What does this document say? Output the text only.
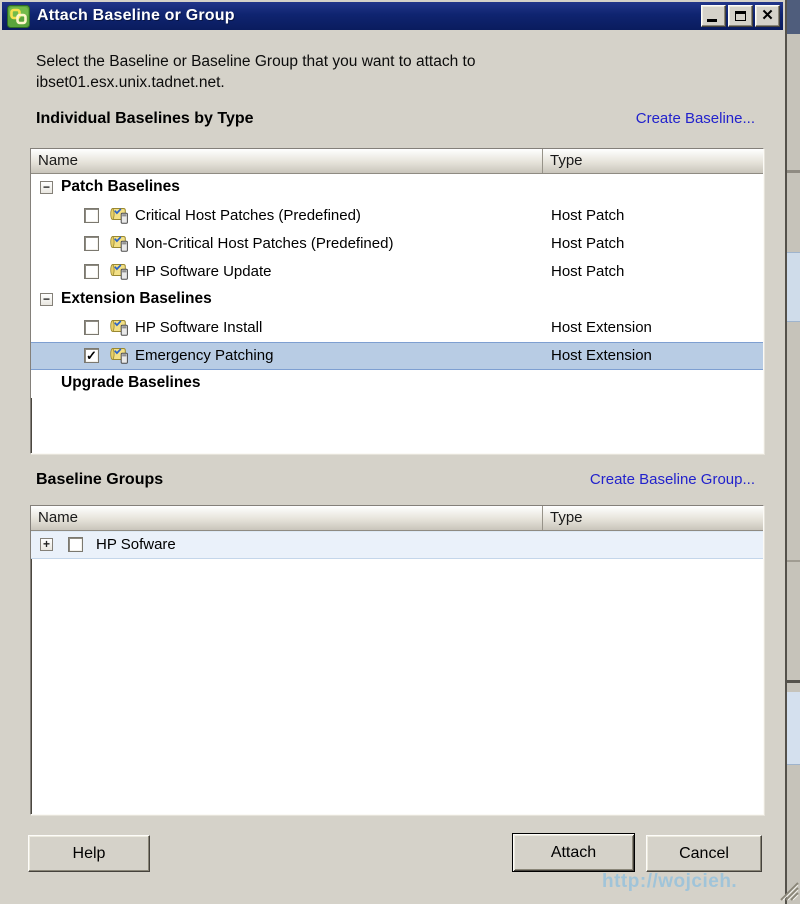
Attach Baseline or Group	✕
Select the Baseline or Baseline Group that you want to attach to
ibset01.esx.unix.tadnet.net.
Individual Baselines by Type	Create Baseline...
Name	Type
− Patch Baselines
Critical Host Patches (Predefined)	Host Patch
Non-Critical Host Patches (Predefined)	Host Patch
HP Software Update	Host Patch
− Extension Baselines
HP Software Install	Host Extension
✓	Emergency Patching	Host Extension
Upgrade Baselines
Baseline Groups	Create Baseline Group...
Name	Type
+	HP Sofware
Help	Attach	Cancel
http://wojcieh.
